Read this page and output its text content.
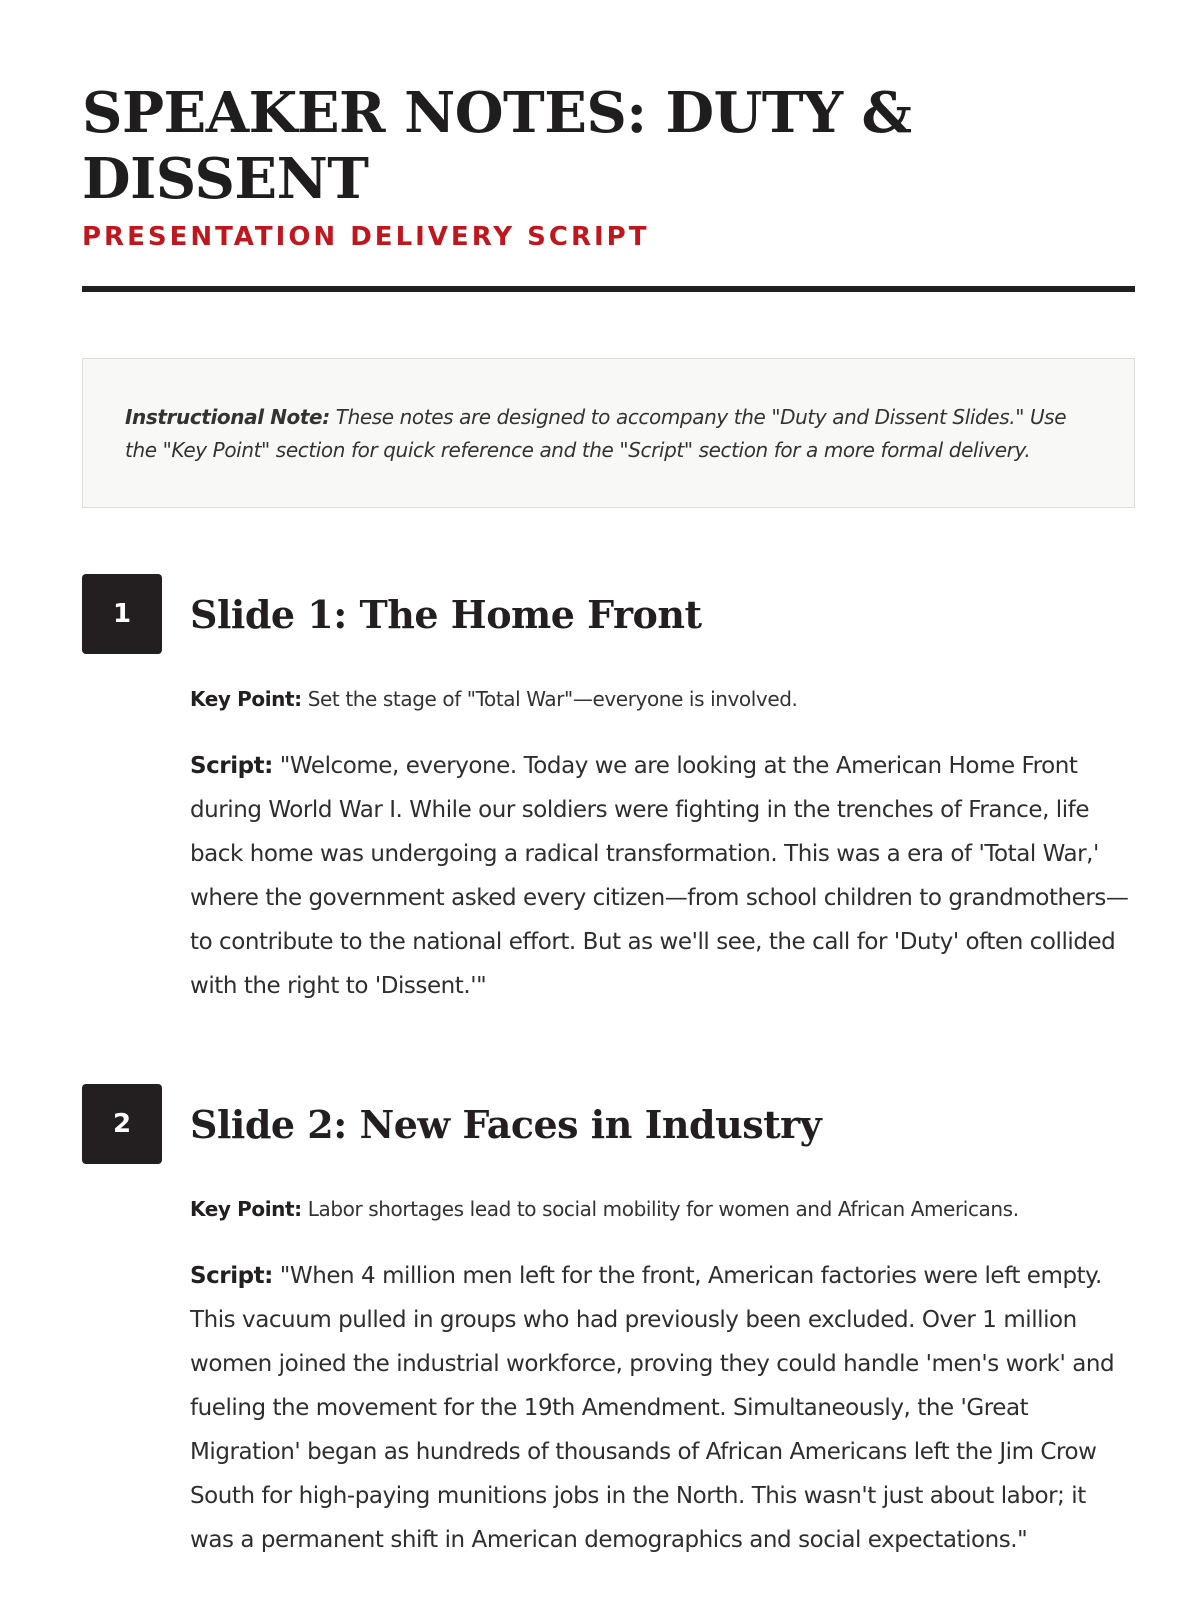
SPEAKER NOTES: DUTY & DISSENT
PRESENTATION DELIVERY SCRIPT
Instructional Note: These notes are designed to accompany the "Duty and Dissent Slides." Use the "Key Point" section for quick reference and the "Script" section for a more formal delivery.
1	Slide 1: The Home Front
Key Point: Set the stage of "Total War"—everyone is involved.
Script: "Welcome, everyone. Today we are looking at the American Home Front during World War I. While our soldiers were fighting in the trenches of France, life back home was undergoing a radical transformation. This was a era of 'Total War,' where the government asked every citizen—from school children to grandmothers—to contribute to the national effort. But as we'll see, the call for 'Duty' often collided with the right to 'Dissent.'"
2	Slide 2: New Faces in Industry
Key Point: Labor shortages lead to social mobility for women and African Americans.
Script: "When 4 million men left for the front, American factories were left empty. This vacuum pulled in groups who had previously been excluded. Over 1 million women joined the industrial workforce, proving they could handle 'men's work' and fueling the movement for the 19th Amendment. Simultaneously, the 'Great Migration' began as hundreds of thousands of African Americans left the Jim Crow South for high-paying munitions jobs in the North. This wasn't just about labor; it was a permanent shift in American demographics and social expectations."
